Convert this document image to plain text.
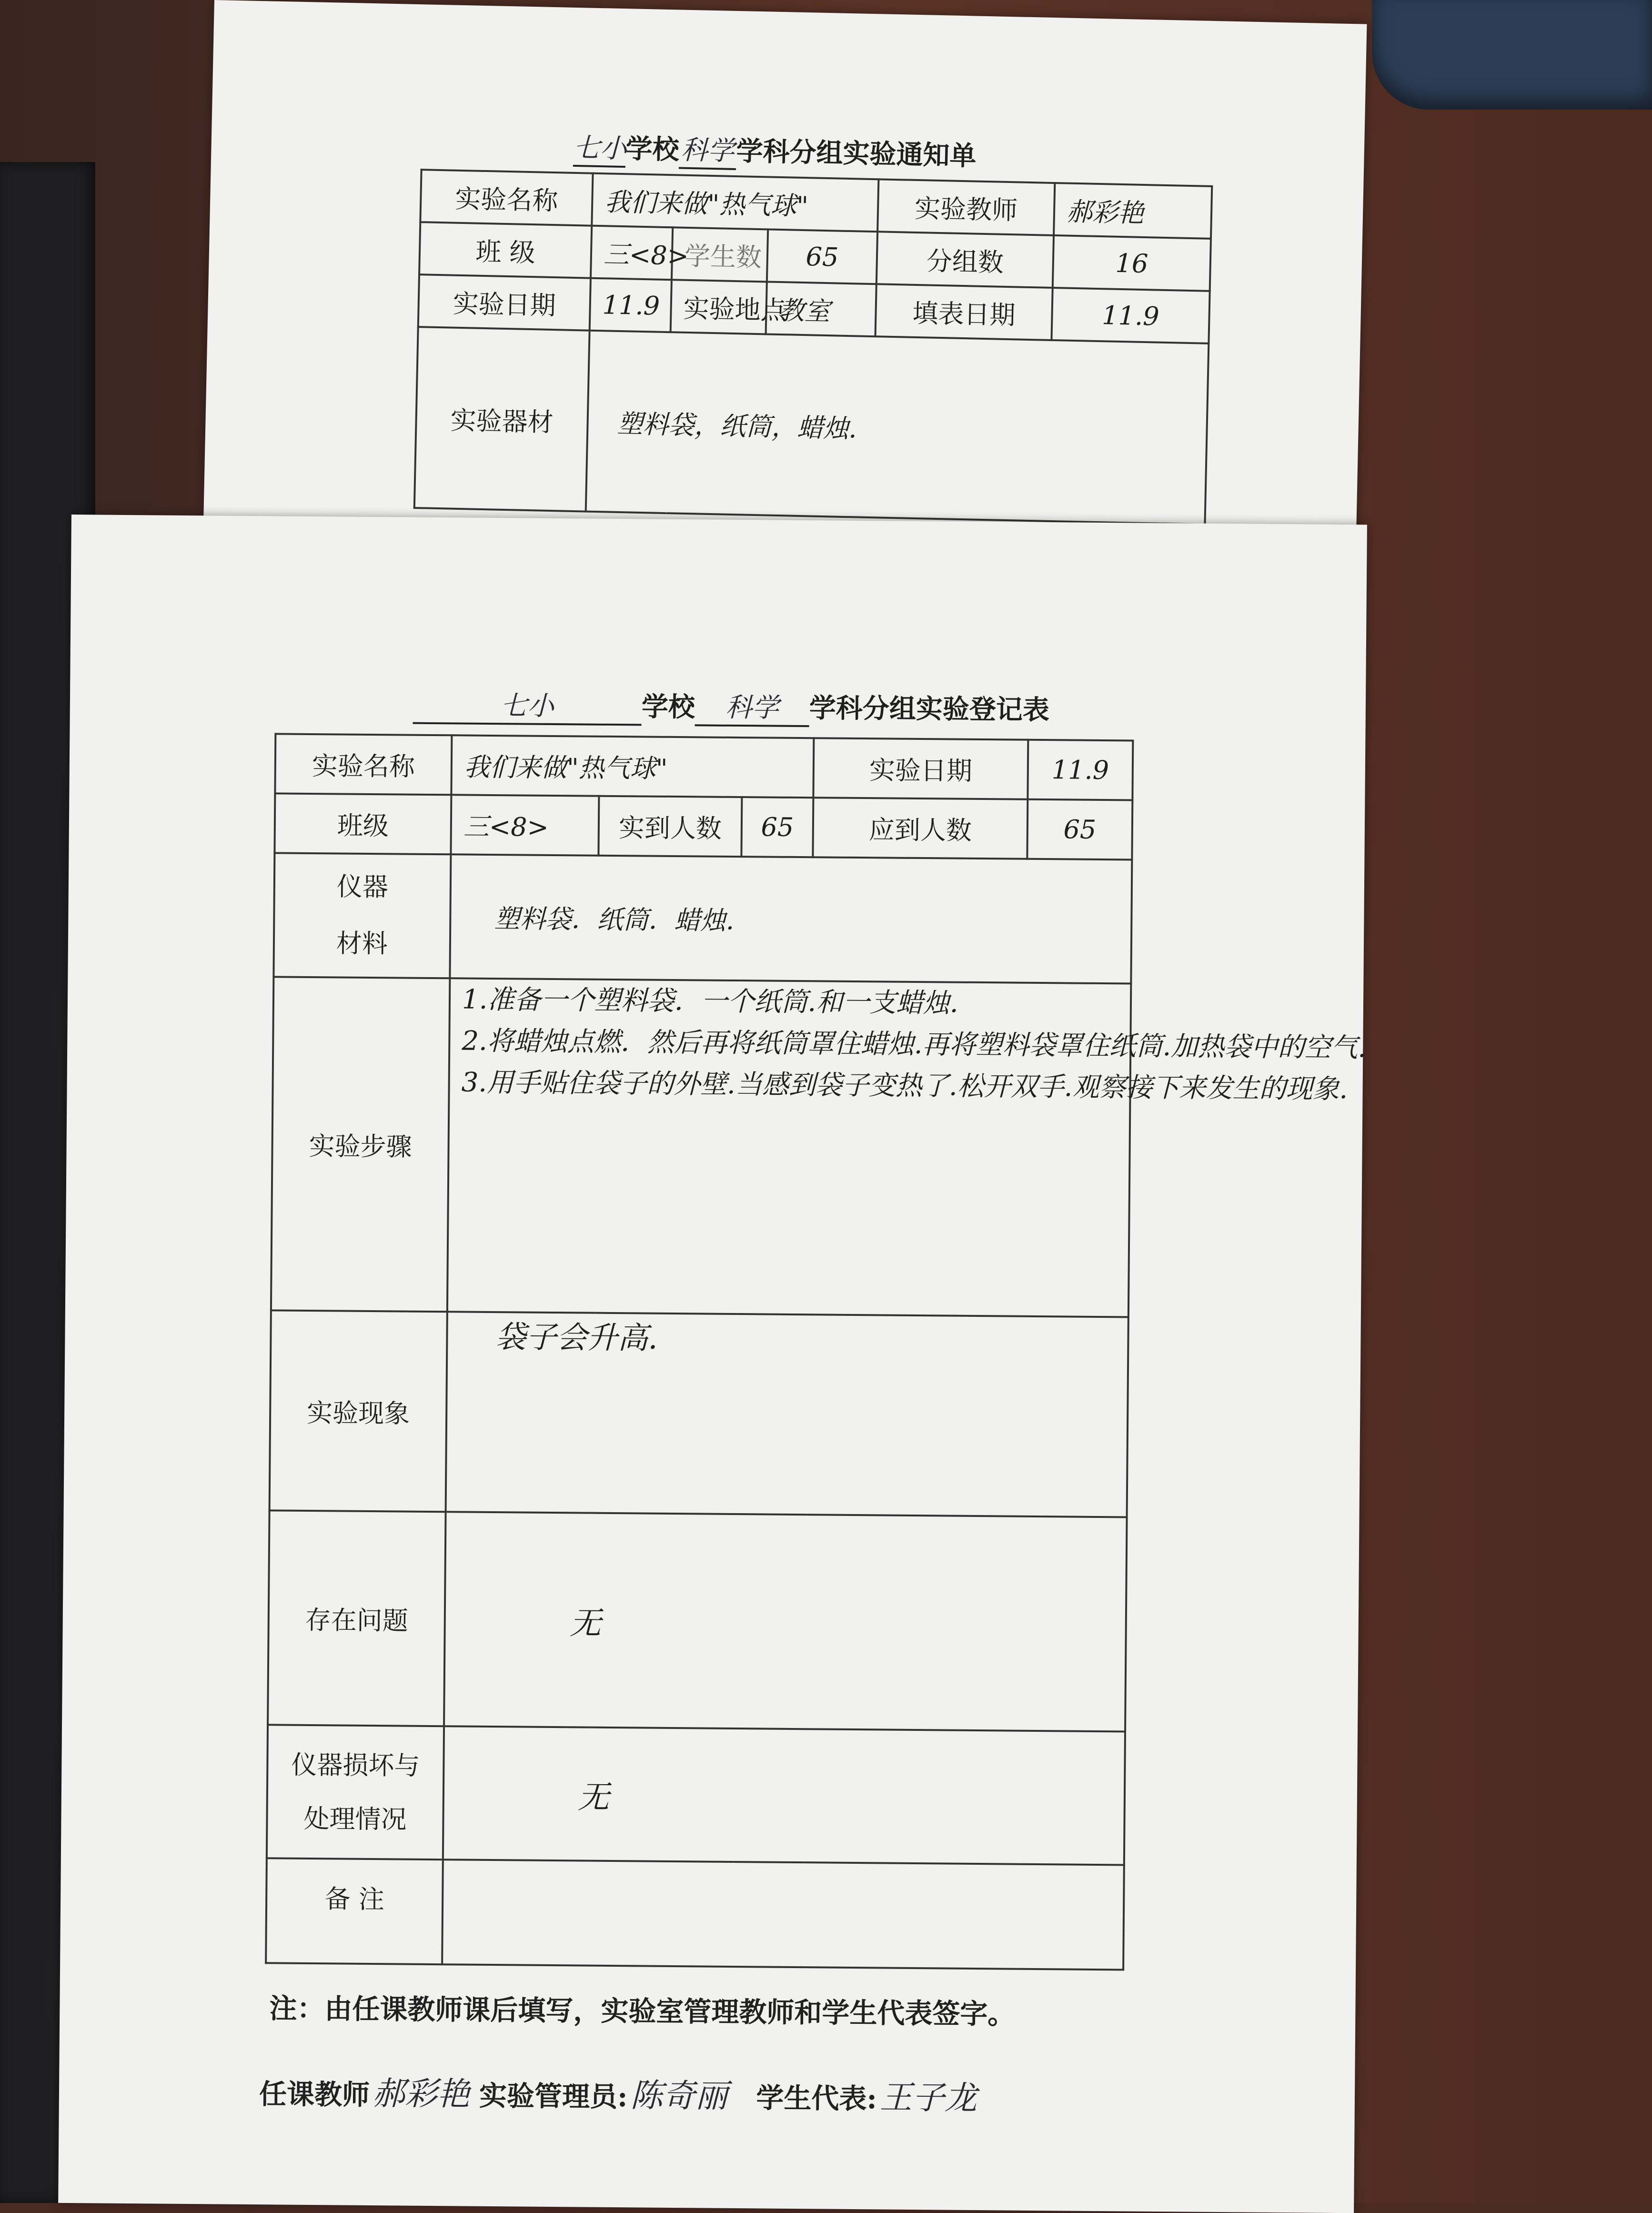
七小学校科学学科分组实验通知单
实验名称	我们来做"热气球"			实验教师	郝彩艳
班 级	三<8>	学生数	65	分组数	16
实验日期	11.9	实验地点	教室	填表日期	11.9
实验器材	塑料袋，纸筒，蜡烛.				
七小	学校 科学 学科分组实验登记表
实验名称	我们来做"热气球"			实验日期	11.9
班级	三<8>	实到人数	65	应到人数	65

仪器
材料	塑料袋．纸筒．蜡烛．				
实验步骤	1.准备一个塑料袋．一个纸筒.和一支蜡烛．
2.将蜡烛点燃．然后再将纸筒罩住蜡烛.再将塑料袋罩住纸筒.加热袋中的空气.
3.用手贴住袋子的外壁.当感到袋子变热了.松开双手.观察接下来发生的现象.				

实验现象	袋子会升高.				
存在问题	无				

仪器损坏与
处理情况	无				
备 注					
注：由任课教师课后填写，实验室管理教师和学生代表签字。
任课教师郝彩艳 实验管理员:陈奇丽 学生代表:王子龙
